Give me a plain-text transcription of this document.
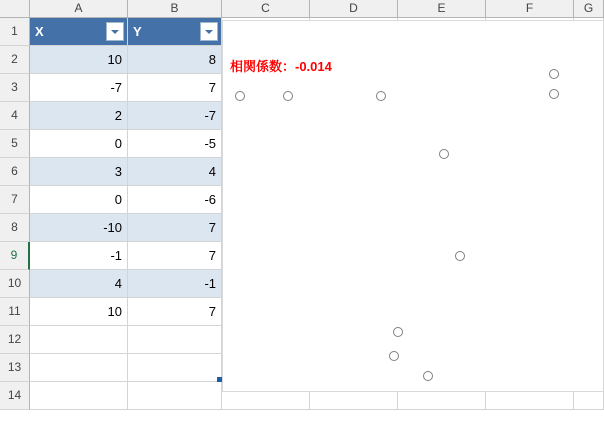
A	B	C	D	E	F	G
1
2
3
4
5
6
7
8
9
10
11
12
13
14
X	Y
10	8
-7	7
2	-7
0	-5
3	4
0	-6
-10	7
-1	7
4	-1
10	7
相関係数：-0.014
